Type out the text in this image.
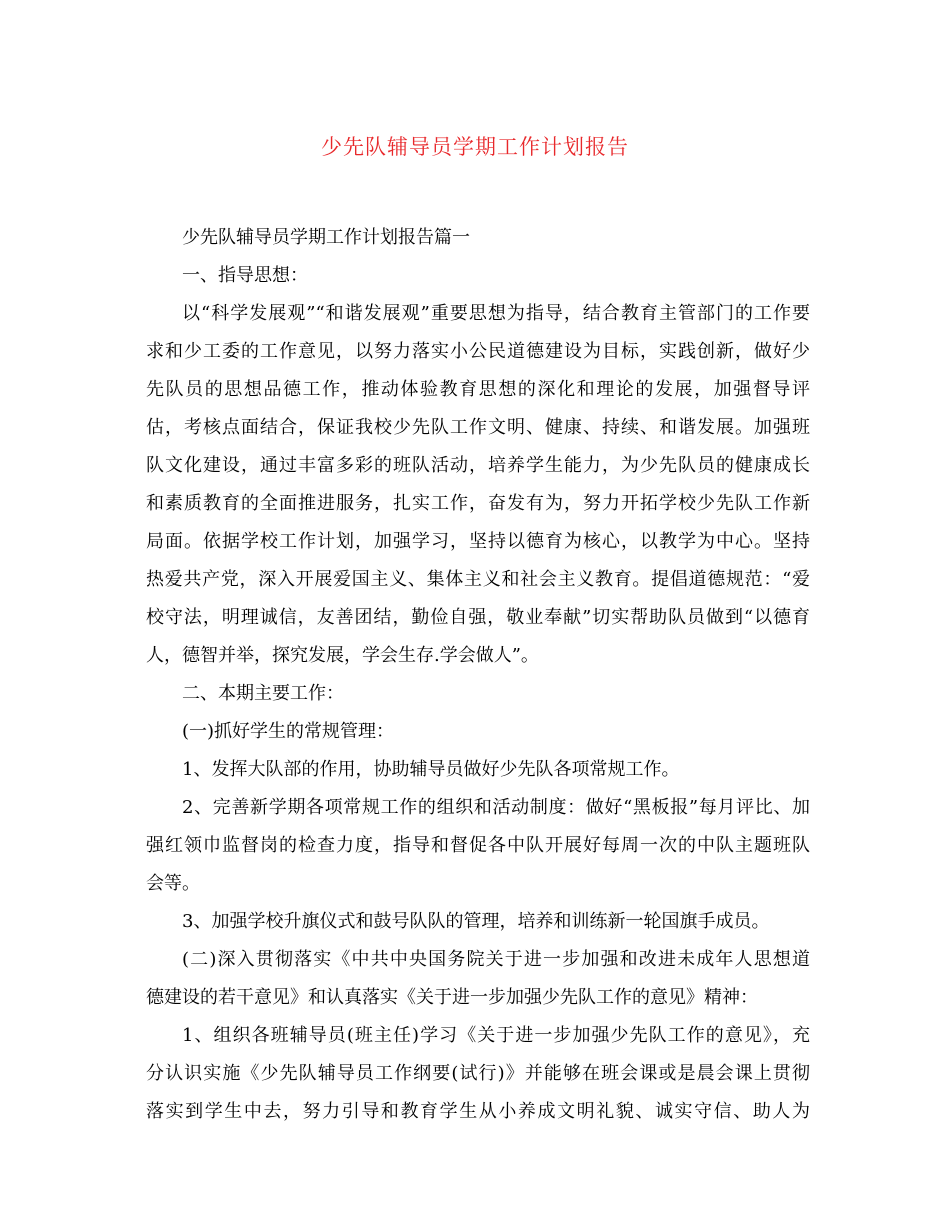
少先队辅导员学期工作计划报告
少先队辅导员学期工作计划报告篇一
一、指导思想：
以“科学发展观”“和谐发展观”重要思想为指导，结合教育主管部门的工作要
求和少工委的工作意见，以努力落实小公民道德建设为目标，实践创新，做好少
先队员的思想品德工作，推动体验教育思想的深化和理论的发展，加强督导评
估，考核点面结合，保证我校少先队工作文明、健康、持续、和谐发展。加强班
队文化建设，通过丰富多彩的班队活动，培养学生能力，为少先队员的健康成长
和素质教育的全面推进服务，扎实工作，奋发有为，努力开拓学校少先队工作新
局面。依据学校工作计划，加强学习，坚持以德育为核心，以教学为中心。坚持
热爱共产党，深入开展爱国主义、集体主义和社会主义教育。提倡道德规范：“爱
校守法，明理诚信，友善团结，勤俭自强，敬业奉献”切实帮助队员做到“以德育
人，德智并举，探究发展，学会生存.学会做人”。
二、本期主要工作：
(一)抓好学生的常规管理：
1、发挥大队部的作用，协助辅导员做好少先队各项常规工作。
2、完善新学期各项常规工作的组织和活动制度：做好“黑板报”每月评比、加
强红领巾监督岗的检查力度，指导和督促各中队开展好每周一次的中队主题班队
会等。
3、加强学校升旗仪式和鼓号队队的管理，培养和训练新一轮国旗手成员。
(二)深入贯彻落实《中共中央国务院关于进一步加强和改进未成年人思想道
德建设的若干意见》和认真落实《关于进一步加强少先队工作的意见》精神：
1、组织各班辅导员(班主任)学习《关于进一步加强少先队工作的意见》，充
分认识实施《少先队辅导员工作纲要(试行)》并能够在班会课或是晨会课上贯彻
落实到学生中去，努力引导和教育学生从小养成文明礼貌、诚实守信、助人为
